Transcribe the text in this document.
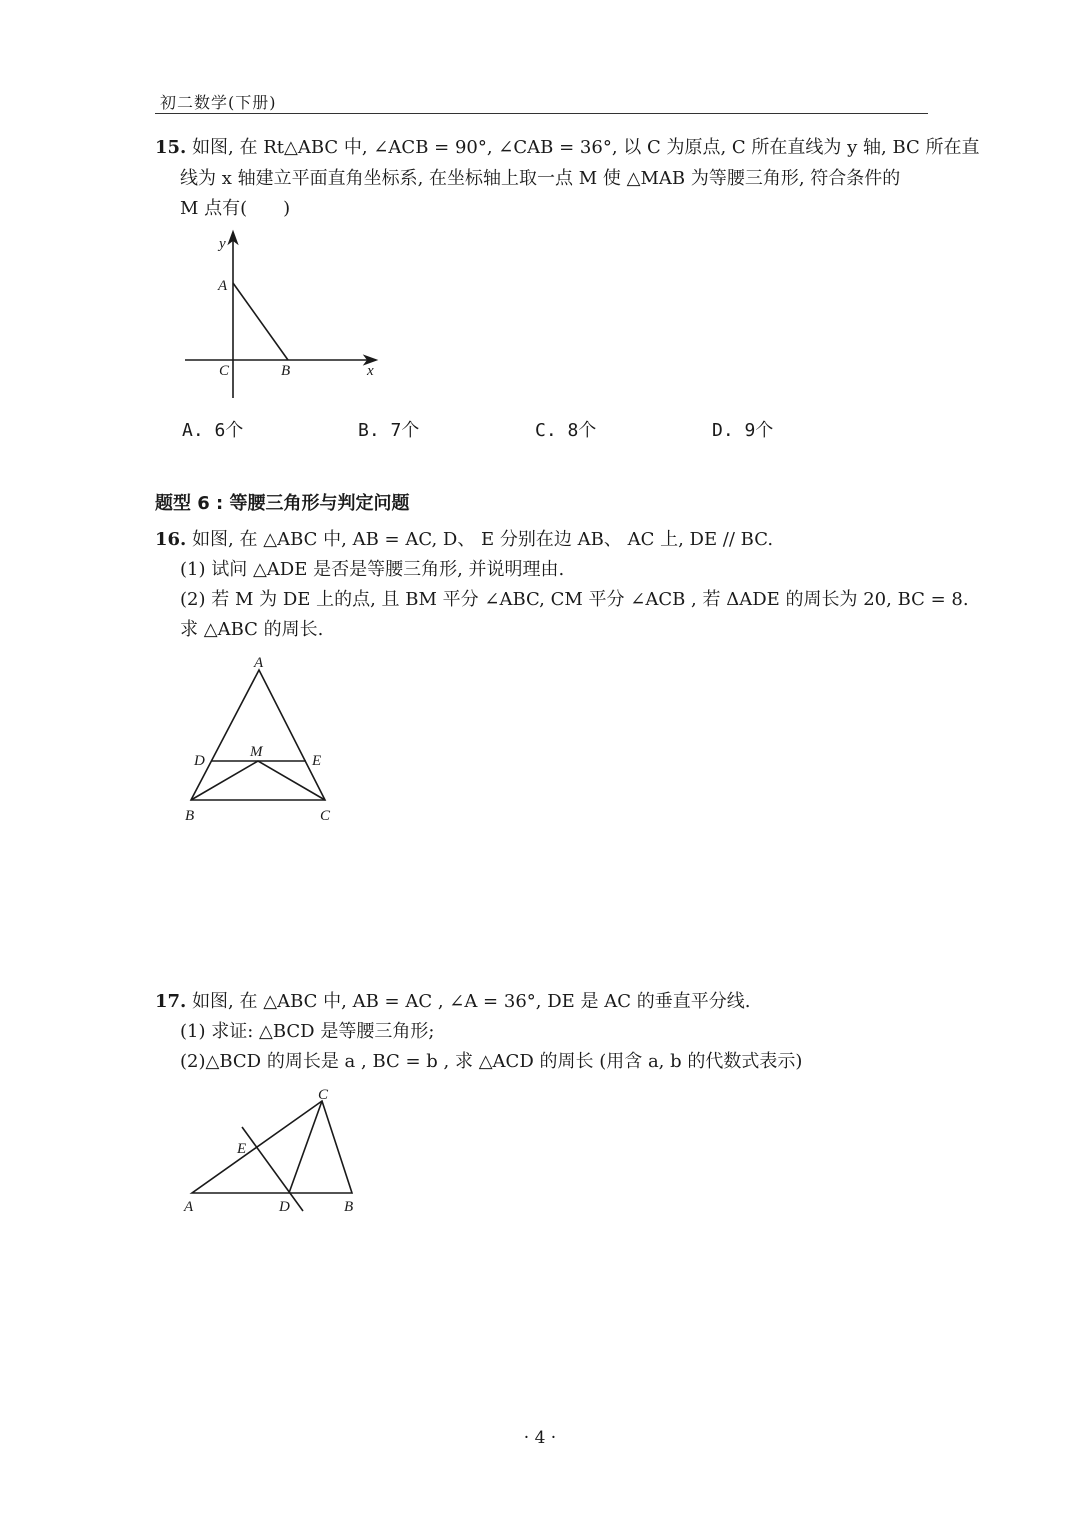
初二数学(下册)
15. 如图, 在 Rt△ABC 中, ∠ACB = 90°, ∠CAB = 36°, 以 C 为原点, C 所在直线为 y 轴, BC 所在直
线为 x 轴建立平面直角坐标系, 在坐标轴上取一点 M 使 △MAB 为等腰三角形, 符合条件的
M 点有(　　)
y
A
C	B	x
A. 6个	B. 7个	C. 8个	D. 9个
题型 6 : 等腰三角形与判定问题
16. 如图, 在 △ABC 中, AB = AC, D、 E 分别在边 AB、 AC 上, DE // BC.
(1) 试问 △ADE 是否是等腰三角形, 并说明理由.
(2) 若 M 为 DE 上的点, 且 BM 平分 ∠ABC, CM 平分 ∠ACB , 若 ΔADE 的周长为 20, BC = 8.
求 △ABC 的周长.
A
D
M
E
B	C
17. 如图, 在 △ABC 中, AB = AC , ∠A = 36°, DE 是 AC 的垂直平分线.
(1) 求证: △BCD 是等腰三角形;
(2)△BCD 的周长是 a , BC = b , 求 △ACD 的周长 (用含 a, b 的代数式表示)
C
E
A	D	B
· 4 ·
